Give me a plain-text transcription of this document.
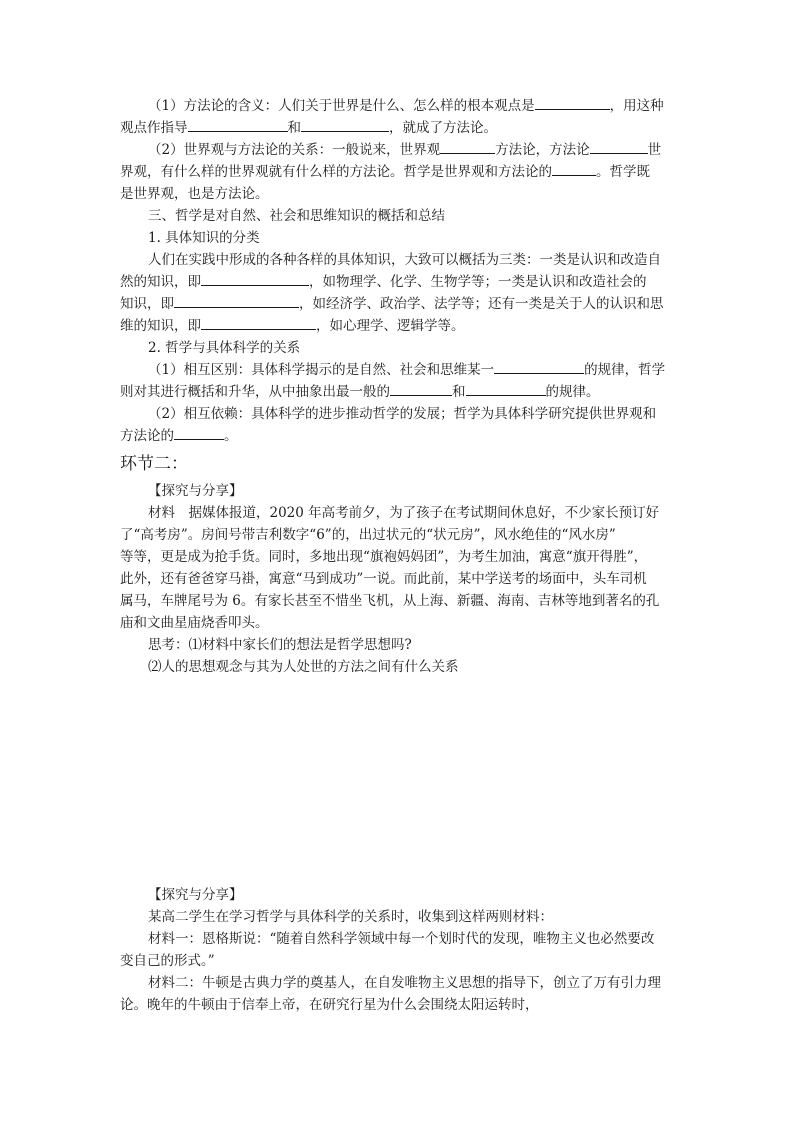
（1）方法论的含义：人们关于世界是什么、怎么样的根本观点是	，用这种
观点作指导	和	，就成了方法论。
（2）世界观与方法论的关系：一般说来，世界观	方法论，方法论	世
界观，有什么样的世界观就有什么样的方法论。哲学是世界观和方法论的	。哲学既
是世界观，也是方法论。
三、哲学是对自然、社会和思维知识的概括和总结
1. 具体知识的分类
人们在实践中形成的各种各样的具体知识，大致可以概括为三类：一类是认识和改造自
然的知识，即	，如物理学、化学、生物学等；一类是认识和改造社会的
知识，即	，如经济学、政治学、法学等；还有一类是关于人的认识和思
维的知识，即	，如心理学、逻辑学等。
2. 哲学与具体科学的关系
（1）相互区别：具体科学揭示的是自然、社会和思维某一	的规律，哲学
则对其进行概括和升华，从中抽象出最一般的	和	的规律。
（2）相互依赖：具体科学的进步推动哲学的发展；哲学为具体科学研究提供世界观和
方法论的	。
环节二：
【探究与分享】
材料　据媒体报道，2020 年高考前夕，为了孩子在考试期间休息好，不少家长预订好
了“高考房”。房间号带吉利数字“6”的，出过状元的“状元房”，风水绝佳的“风水房”
等等，更是成为抢手货。同时，多地出现“旗袍妈妈团”，为考生加油，寓意“旗开得胜”，
此外，还有爸爸穿马褂，寓意“马到成功”一说。而此前，某中学送考的场面中，头车司机
属马，车牌尾号为 6。有家长甚至不惜坐飞机，从上海、新疆、海南、吉林等地到著名的孔
庙和文曲星庙烧香叩头。
思考：⑴材料中家长们的想法是哲学思想吗?
⑵人的思想观念与其为人处世的方法之间有什么关系
【探究与分享】
某高二学生在学习哲学与具体科学的关系时，收集到这样两则材料：
材料一：恩格斯说：“随着自然科学领域中每一个划时代的发现，唯物主义也必然要改
变自己的形式。”
材料二：牛顿是古典力学的奠基人，在自发唯物主义思想的指导下，创立了万有引力理
论。晚年的牛顿由于信奉上帝，在研究行星为什么会围绕太阳运转时，
